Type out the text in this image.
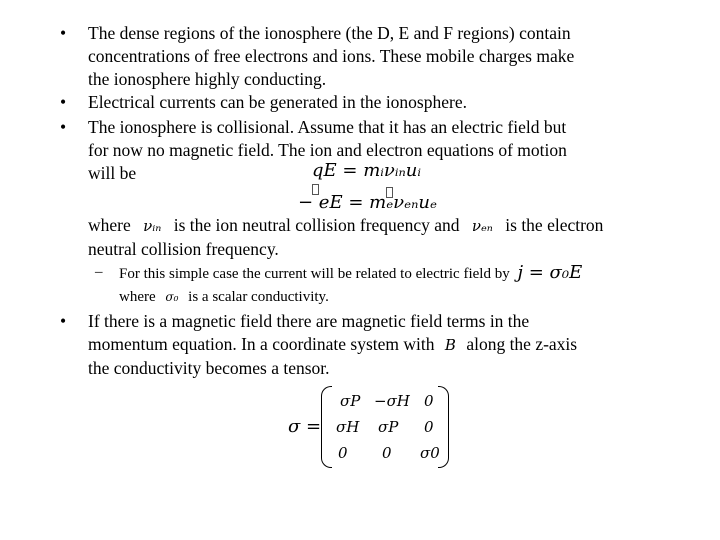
•	The dense regions of the ionosphere (the D, E and F regions) contain
concentrations of free electrons and ions. These mobile charges make
the ionosphere highly conducting.
•	Electrical currents can be generated in the ionosphere.
•	The ionosphere is collisional. Assume that it has an electric field but
for now no magnetic field. The ion and electron equations of motion
will be	qE = mᵢνᵢₙuᵢ
− eE = mₑνₑₙuₑ
where νᵢₙ is the ion neutral collision frequency and νₑₙ is the electron
neutral collision frequency.
–	For this simple case the current will be related to electric field by j = σ₀E
where σ₀ is a scalar conductivity.
•	If there is a magnetic field there are magnetic field terms in the
momentum equation. In a coordinate system with B along the z-axis
the conductivity becomes a tensor.
σ =
σP −σH 0
σH σP 0
0 0 σ0
